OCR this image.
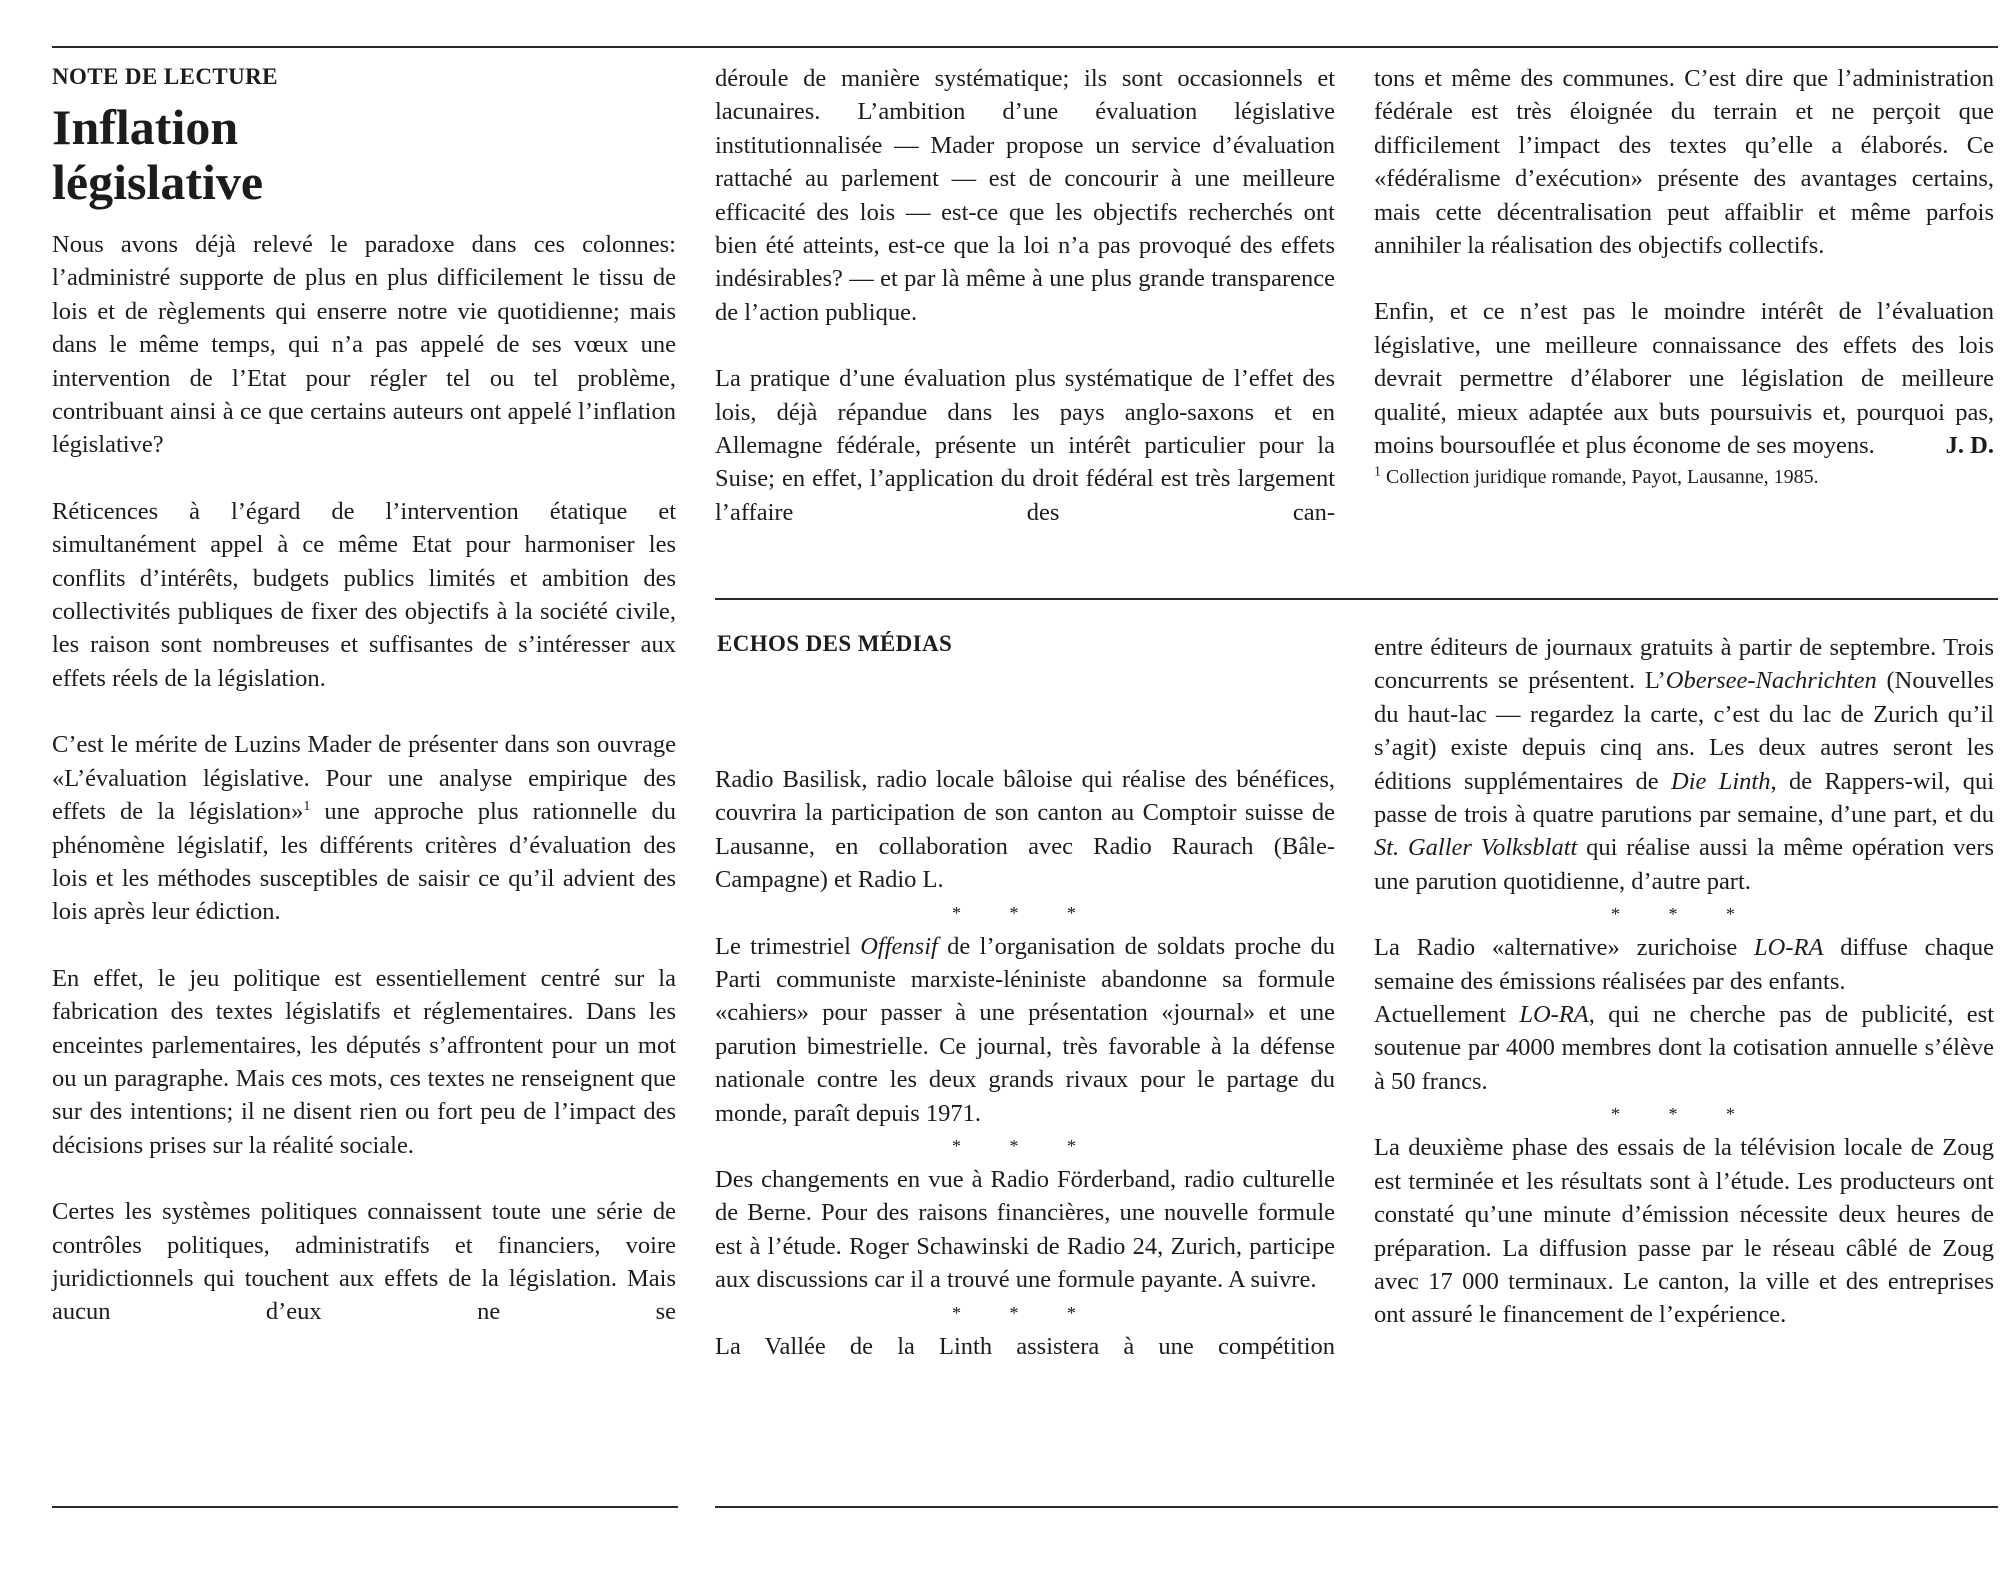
NOTE DE LECTURE
Inflation
législative

Nous avons déjà relevé le paradoxe dans ces colonnes: l’administré supporte de plus en plus difficilement le tissu de lois et de règlements qui enserre notre vie quotidienne; mais dans le même temps, qui n’a pas appelé de ses vœux une intervention de l’Etat pour régler tel ou tel problème, contribuant ainsi à ce que certains auteurs ont appelé l’inflation législative?

Réticences à l’égard de l’intervention étatique et simultanément appel à ce même Etat pour harmoniser les conflits d’intérêts, budgets publics limités et ambition des collectivités publiques de fixer des objectifs à la société civile, les raison sont nombreuses et suffisantes de s’intéresser aux effets réels de la législation.

C’est le mérite de Luzins Mader de présenter dans son ouvrage «L’évaluation législative. Pour une analyse empirique des effets de la législation»$^1$ une approche plus rationnelle du phénomène législatif, les différents critères d’évaluation des lois et les méthodes susceptibles de saisir ce qu’il advient des lois après leur édiction.

En effet, le jeu politique est essentiellement centré sur la fabrication des textes législatifs et réglementaires. Dans les enceintes parlementaires, les députés s’affrontent pour un mot ou un paragraphe. Mais ces mots, ces textes ne renseignent que sur des intentions; il ne disent rien ou fort peu de l’impact des décisions prises sur la réalité sociale.

Certes les systèmes politiques connaissent toute une série de contrôles politiques, administratifs et financiers, voire juridictionnels qui touchent aux effets de la législation. Mais aucun d’eux ne se

déroule de manière systématique; ils sont occasionnels et lacunaires. L’ambition d’une évaluation législative institutionnalisée — Mader propose un service d’évaluation rattaché au parlement — est de concourir à une meilleure efficacité des lois — est-ce que les objectifs recherchés ont bien été atteints, est-ce que la loi n’a pas provoqué des effets indésirables? — et par là même à une plus grande transparence de l’action publique.

La pratique d’une évaluation plus systématique de l’effet des lois, déjà répandue dans les pays anglo-saxons et en Allemagne fédérale, présente un intérêt particulier pour la Suise; en effet, l’application du droit fédéral est très largement l’affaire des can-

tons et même des communes. C’est dire que l’administration fédérale est très éloignée du terrain et ne perçoit que difficilement l’impact des textes qu’elle a élaborés. Ce «fédéralisme d’exécution» présente des avantages certains, mais cette décentralisation peut affaiblir et même parfois annihiler la réalisation des objectifs collectifs.

Enfin, et ce n’est pas le moindre intérêt de l’évaluation législative, une meilleure connaissance des effets des lois devrait permettre d’élaborer une législation de meilleure qualité, mieux adaptée aux buts poursuivis et, pourquoi pas, moins boursouflée et plus économe de ses moyens.	J. D.

$^1$ Collection juridique romande, Payot, Lausanne, 1985.

ECHOS DES MÉDIAS

Radio Basilisk, radio locale bâloise qui réalise des bénéfices, couvrira la participation de son canton au Comptoir suisse de Lausanne, en collaboration avec Radio Raurach (Bâle-Campagne) et Radio L.

* * *

Le trimestriel Offensif de l’organisation de soldats proche du Parti communiste marxiste-léniniste abandonne sa formule «cahiers» pour passer à une présentation «journal» et une parution bimestrielle. Ce journal, très favorable à la défense nationale contre les deux grands rivaux pour le partage du monde, paraît depuis 1971.

* * *

Des changements en vue à Radio Förderband, radio culturelle de Berne. Pour des raisons financières, une nouvelle formule est à l’étude. Roger Schawinski de Radio 24, Zurich, participe aux discussions car il a trouvé une formule payante. A suivre.

* * *

La Vallée de la Linth assistera à une compétition

entre éditeurs de journaux gratuits à partir de septembre. Trois concurrents se présentent. L’Obersee-Nachrichten (Nouvelles du haut-lac — regardez la carte, c’est du lac de Zurich qu’il s’agit) existe depuis cinq ans. Les deux autres seront les éditions supplémentaires de Die Linth, de Rappers-wil, qui passe de trois à quatre parutions par semaine, d’une part, et du St. Galler Volksblatt qui réalise aussi la même opération vers une parution quotidienne, d’autre part.

* * *

La Radio «alternative» zurichoise LO-RA diffuse chaque semaine des émissions réalisées par des enfants.

Actuellement LO-RA, qui ne cherche pas de publicité, est soutenue par 4000 membres dont la cotisation annuelle s’élève à 50 francs.

* * *

La deuxième phase des essais de la télévision locale de Zoug est terminée et les résultats sont à l’étude. Les producteurs ont constaté qu’une minute d’émission nécessite deux heures de préparation. La diffusion passe par le réseau câblé de Zoug avec 17 000 terminaux. Le canton, la ville et des entreprises ont assuré le financement de l’expérience.
